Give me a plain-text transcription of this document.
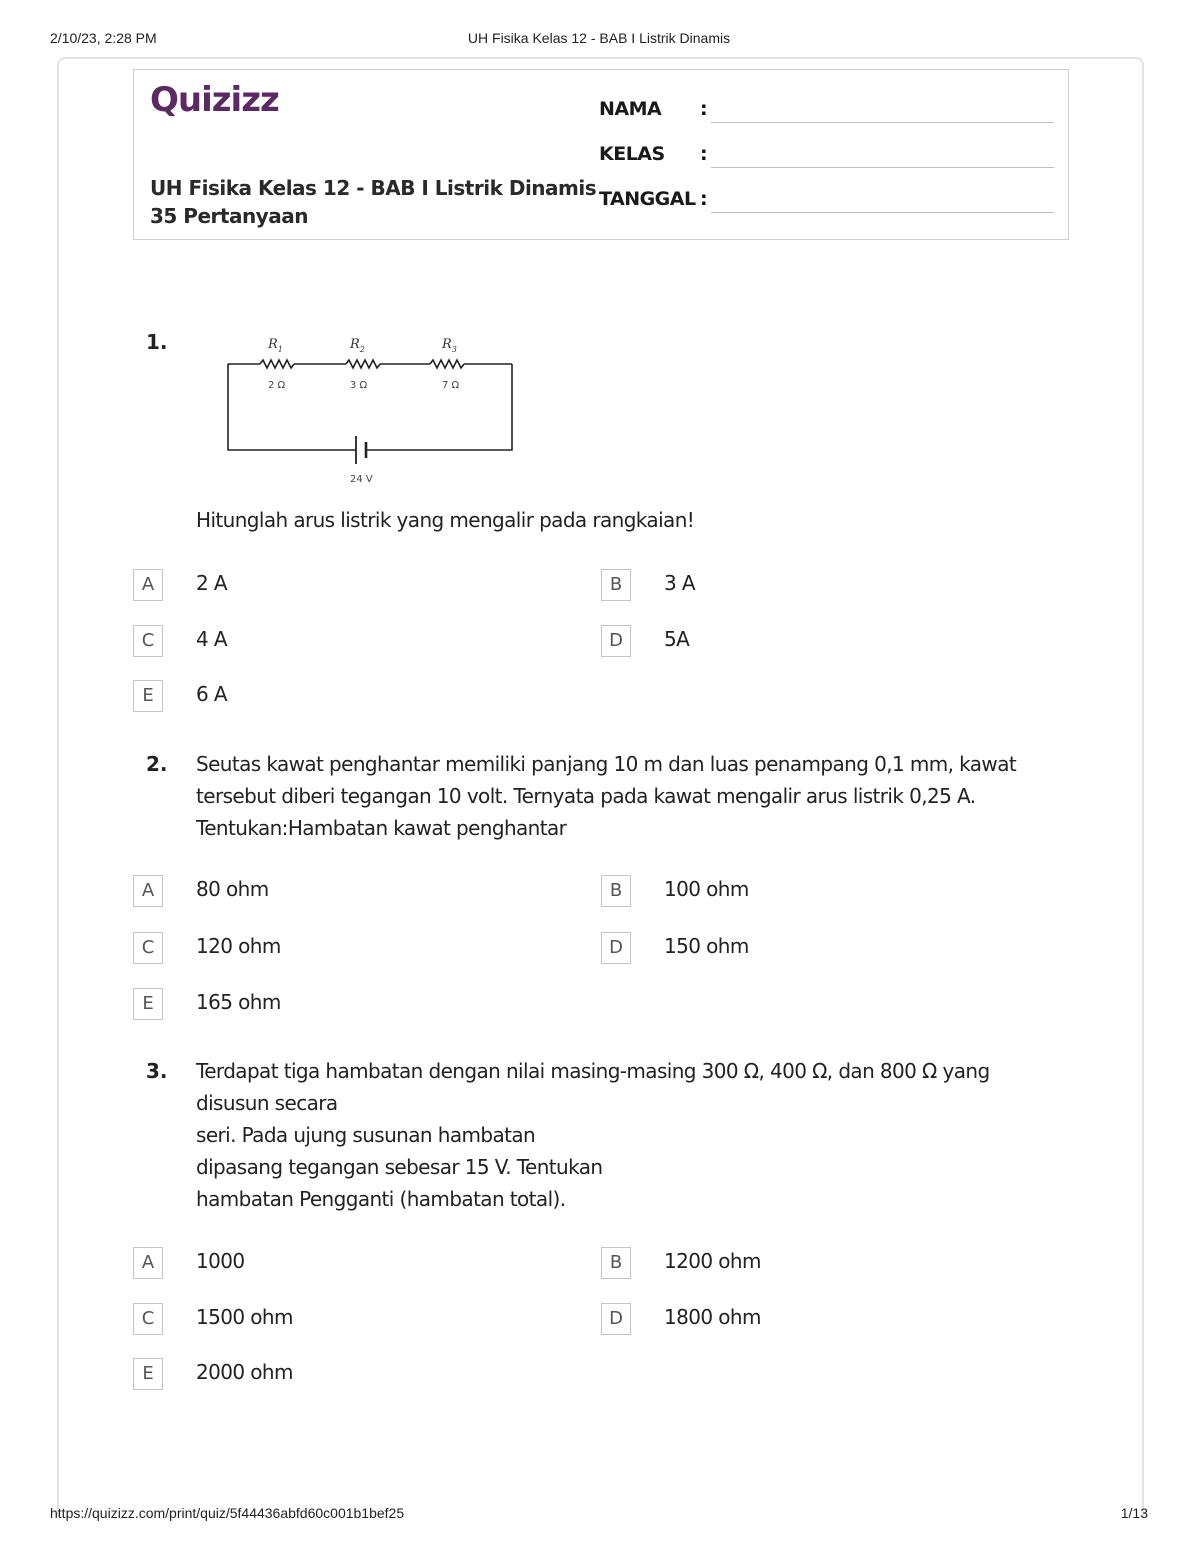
2/10/23, 2:28 PM	UH Fisika Kelas 12 - BAB I Listrik Dinamis
Quizizz
UH Fisika Kelas 12 - BAB I Listrik Dinamis
35 Pertanyaan
NAMA :
KELAS :
TANGGAL :
1.	$R_1$	$R_2$	$R_3$
2 Ω	3 Ω	7 Ω
24 V
Hitunglah arus listrik yang mengalir pada rangkaian!
A	2 A	B	3 A
C	4 A	D	5A
E	6 A
2. Seutas kawat penghantar memiliki panjang 10 m dan luas penampang 0,1 mm, kawat
tersebut diberi tegangan 10 volt. Ternyata pada kawat mengalir arus listrik 0,25 A.
Tentukan:Hambatan kawat penghantar
A	80 ohm	B	100 ohm
C	120 ohm	D	150 ohm
E	165 ohm
3. Terdapat tiga hambatan dengan nilai masing-masing 300 Ω, 400 Ω, dan 800 Ω yang
disusun secara
seri. Pada ujung susunan hambatan
dipasang tegangan sebesar 15 V. Tentukan
hambatan Pengganti (hambatan total).
A	1000	B	1200 ohm
C	1500 ohm	D	1800 ohm
E	2000 ohm
https://quizizz.com/print/quiz/5f44436abfd60c001b1bef25	1/13
